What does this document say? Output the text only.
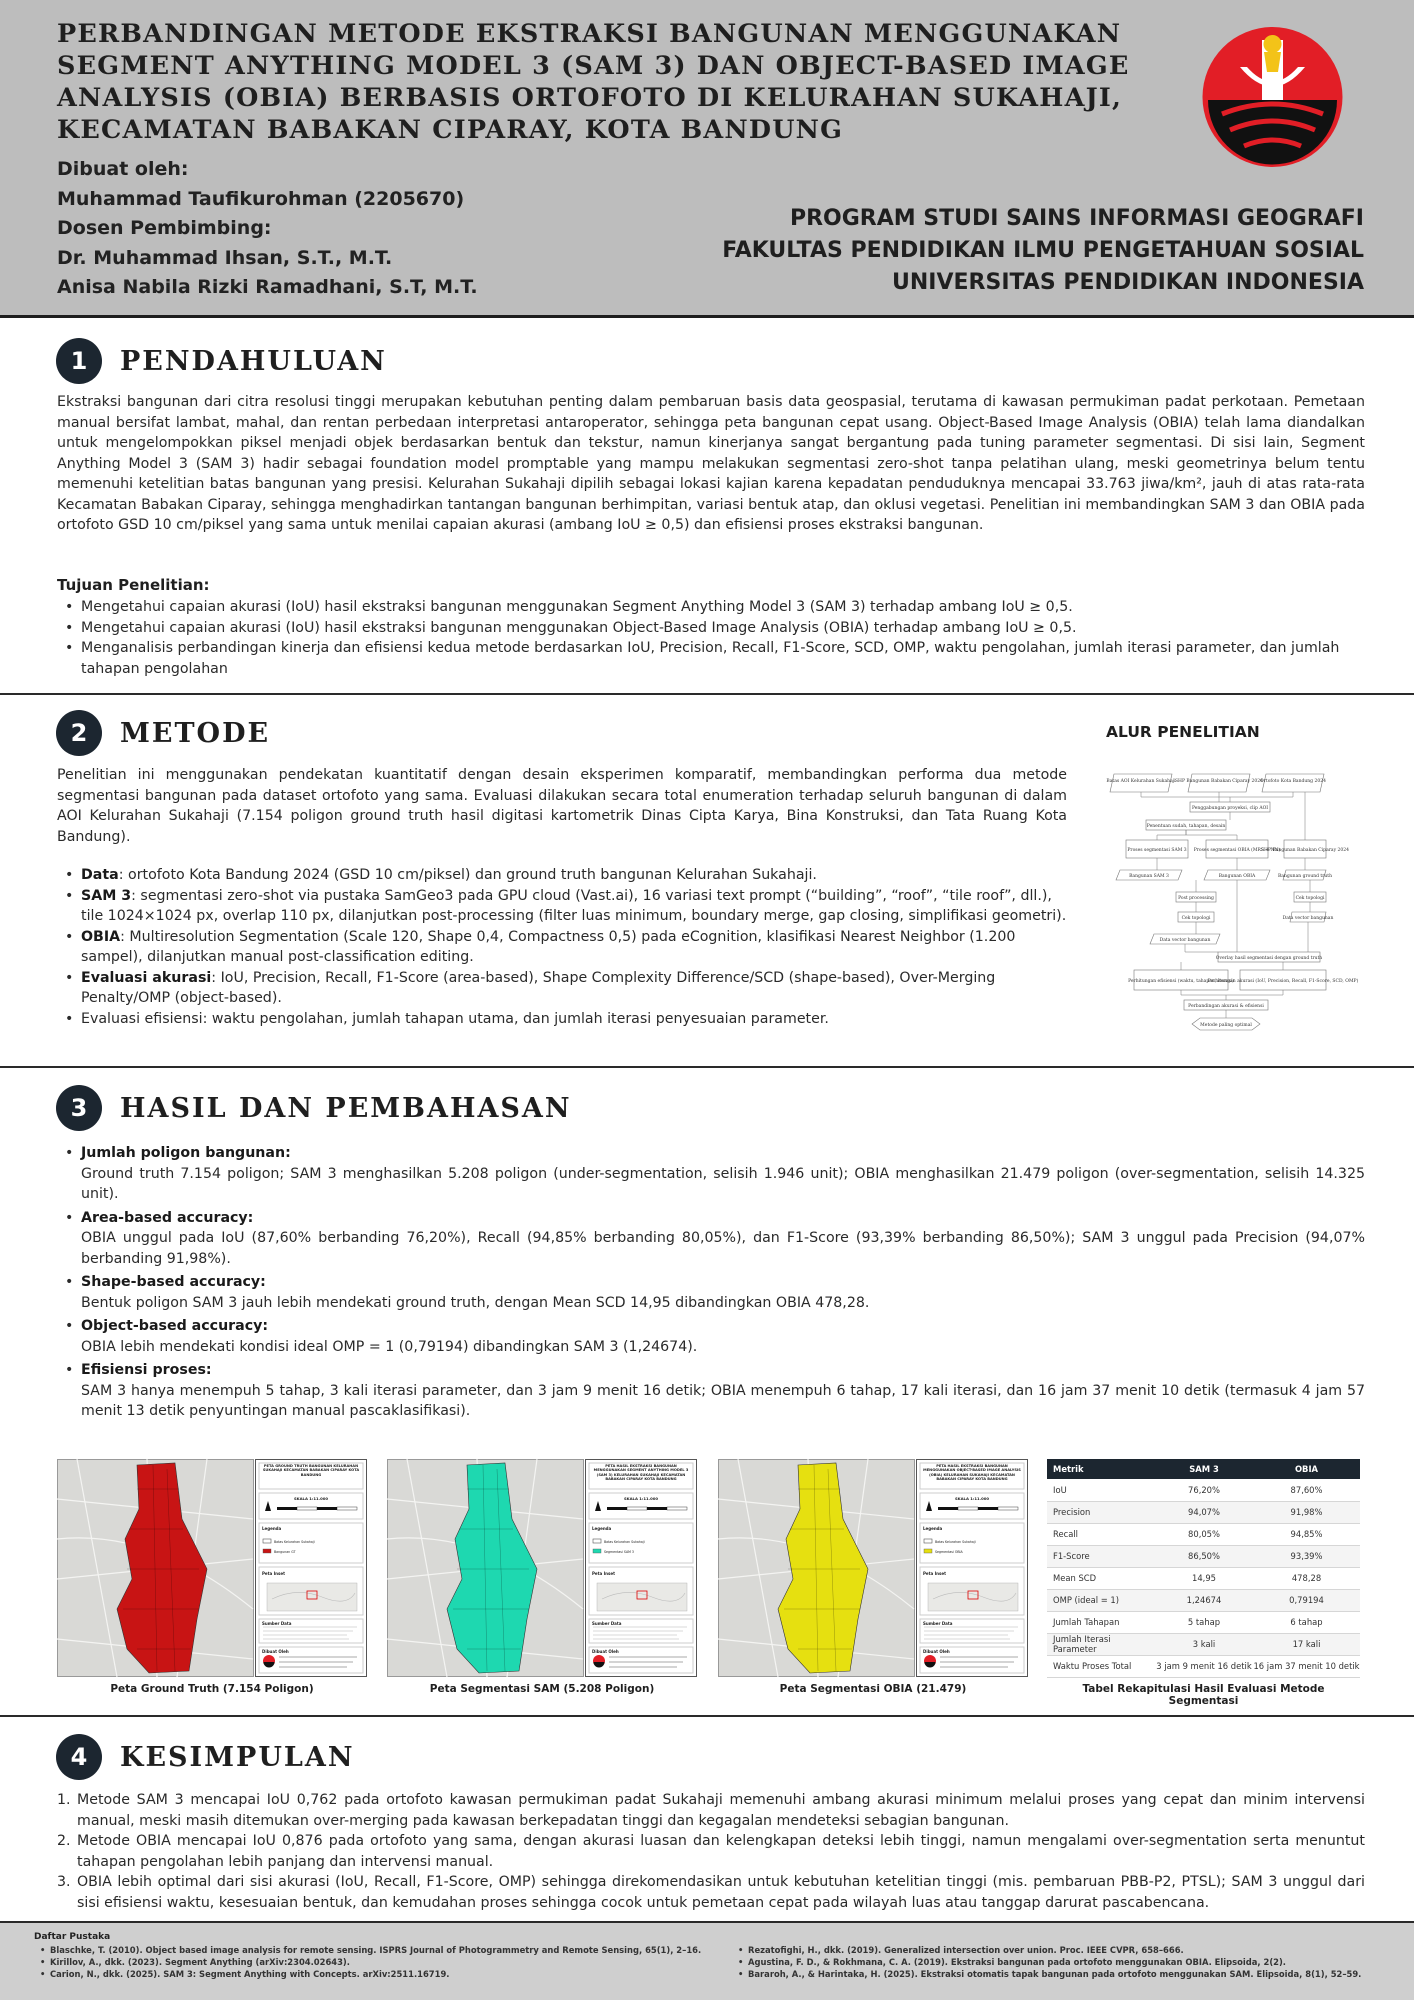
PERBANDINGAN METODE EKSTRAKSI BANGUNAN MENGGUNAKAN
SEGMENT ANYTHING MODEL 3 (SAM 3) DAN OBJECT-BASED IMAGE
ANALYSIS (OBIA) BERBASIS ORTOFOTO DI KELURAHAN SUKAHAJI,
KECAMATAN BABAKAN CIPARAY, KOTA BANDUNG
Dibuat oleh:
Muhammad Taufikurohman (2205670)
Dosen Pembimbing:
Dr. Muhammad Ihsan, S.T., M.T.
Anisa Nabila Rizki Ramadhani, S.T, M.T.
PROGRAM STUDI SAINS INFORMASI GEOGRAFI
FAKULTAS PENDIDIKAN ILMU PENGETAHUAN SOSIAL
UNIVERSITAS PENDIDIKAN INDONESIA
1	PENDAHULUAN
Ekstraksi bangunan dari citra resolusi tinggi merupakan kebutuhan penting dalam pembaruan basis data geospasial, terutama di kawasan permukiman padat perkotaan. Pemetaan manual bersifat lambat, mahal, dan rentan perbedaan interpretasi antaroperator, sehingga peta bangunan cepat usang. Object-Based Image Analysis (OBIA) telah lama diandalkan untuk mengelompokkan piksel menjadi objek berdasarkan bentuk dan tekstur, namun kinerjanya sangat bergantung pada tuning parameter segmentasi. Di sisi lain, Segment Anything Model 3 (SAM 3) hadir sebagai foundation model promptable yang mampu melakukan segmentasi zero-shot tanpa pelatihan ulang, meski geometrinya belum tentu memenuhi ketelitian batas bangunan yang presisi. Kelurahan Sukahaji dipilih sebagai lokasi kajian karena kepadatan penduduknya mencapai 33.763 jiwa/km², jauh di atas rata-rata Kecamatan Babakan Ciparay, sehingga menghadirkan tantangan bangunan berhimpitan, variasi bentuk atap, dan oklusi vegetasi. Penelitian ini membandingkan SAM 3 dan OBIA pada ortofoto GSD 10 cm/piksel yang sama untuk menilai capaian akurasi (ambang IoU ≥ 0,5) dan efisiensi proses ekstraksi bangunan.
Tujuan Penelitian:
• Mengetahui capaian akurasi (IoU) hasil ekstraksi bangunan menggunakan Segment Anything Model 3 (SAM 3) terhadap ambang IoU ≥ 0,5.
• Mengetahui capaian akurasi (IoU) hasil ekstraksi bangunan menggunakan Object-Based Image Analysis (OBIA) terhadap ambang IoU ≥ 0,5.
• Menganalisis perbandingan kinerja dan efisiensi kedua metode berdasarkan IoU, Precision, Recall, F1-Score, SCD, OMP, waktu pengolahan, jumlah iterasi parameter, dan jumlah tahapan pengolahan
2	METODE
Penelitian ini menggunakan pendekatan kuantitatif dengan desain eksperimen komparatif, membandingkan performa dua metode segmentasi bangunan pada dataset ortofoto yang sama. Evaluasi dilakukan secara total enumeration terhadap seluruh bangunan di dalam AOI Kelurahan Sukahaji (7.154 poligon ground truth hasil digitasi kartometrik Dinas Cipta Karya, Bina Konstruksi, dan Tata Ruang Kota Bandung).
• Data: ortofoto Kota Bandung 2024 (GSD 10 cm/piksel) dan ground truth bangunan Kelurahan Sukahaji.
• SAM 3: segmentasi zero-shot via pustaka SamGeo3 pada GPU cloud (Vast.ai), 16 variasi text prompt (“building”, “roof”, “tile roof”, dll.), tile 1024×1024 px, overlap 110 px, dilanjutkan post-processing (filter luas minimum, boundary merge, gap closing, simplifikasi geometri).
• OBIA: Multiresolution Segmentation (Scale 120, Shape 0,4, Compactness 0,5) pada eCognition, klasifikasi Nearest Neighbor (1.200 sampel), dilanjutkan manual post-classification editing.
• Evaluasi akurasi: IoU, Precision, Recall, F1-Score (area-based), Shape Complexity Difference/SCD (shape-based), Over-Merging Penalty/OMP (object-based).
• Evaluasi efisiensi: waktu pengolahan, jumlah tahapan utama, dan jumlah iterasi penyesuaian parameter.
ALUR PENELITIAN
Batas AOI Kelurahan Sukahaji SHP Bangunan Babakan Ciparay 2024
Ortofoto Kota Bandung 2024
Penggabungan proyeksi, clip AOI
Penentuan sudah, tahapan, desain
Proses segmentasi SAM 3 Proses segmentasi OBIA (MRS + NN)
SHP Bangunan Babakan Ciparay 2024
Bangunan SAM 3	Bangunan OBIA	Bangunan ground truth
Post processing	Cek topologi
Cek topologi	Data vector bangunan
Data vector bangunan
Overlay hasil segmentasi dengan ground truth
Perhitungan efisiensi (waktu, tahapan, iterasi)
Perhitungan akurasi (IoU, Precision, Recall, F1-Score, SCD, OMP)
Perbandingan akurasi & efisiensi
Metode paling optimal
3	HASIL DAN PEMBAHASAN
• Jumlah poligon bangunan:
Ground truth 7.154 poligon; SAM 3 menghasilkan 5.208 poligon (under-segmentation, selisih 1.946 unit); OBIA menghasilkan 21.479 poligon (over-segmentation, selisih 14.325 unit).
• Area-based accuracy:
OBIA unggul pada IoU (87,60% berbanding 76,20%), Recall (94,85% berbanding 80,05%), dan F1-Score (93,39% berbanding 86,50%); SAM 3 unggul pada Precision (94,07% berbanding 91,98%).
• Shape-based accuracy:
Bentuk poligon SAM 3 jauh lebih mendekati ground truth, dengan Mean SCD 14,95 dibandingkan OBIA 478,28.
• Object-based accuracy:
OBIA lebih mendekati kondisi ideal OMP = 1 (0,79194) dibandingkan SAM 3 (1,24674).
• Efisiensi proses:
SAM 3 hanya menempuh 5 tahap, 3 kali iterasi parameter, dan 3 jam 9 menit 16 detik; OBIA menempuh 6 tahap, 17 kali iterasi, dan 16 jam 37 menit 10 detik (termasuk 4 jam 57 menit 13 detik penyuntingan manual pascaklasifikasi).
PETA GROUND TRUTH BANGUNAN KELURAHAN SUKAHAJI KECAMATAN BABAKAN CIPARAY KOTA BANDUNG
SKALA 1:11.000
Legenda
Batas Kelurahan Sukahaji
Bangunan GT
Peta Inset
Sumber Data
Dibuat Oleh
Peta Ground Truth (7.154 Poligon)
PETA HASIL EKSTRAKSI BANGUNAN MENGGUNAKAN SEGMENT ANYTHING MODEL 3 (SAM 3) KELURAHAN SUKAHAJI KECAMATAN BABAKAN CIPARAY KOTA BANDUNG
SKALA 1:11.000
Legenda
Batas Kelurahan Sukahaji
Segmentasi SAM 3
Peta Inset
Sumber Data
Dibuat Oleh
Peta Segmentasi SAM (5.208 Poligon)
PETA HASIL EKSTRAKSI BANGUNAN MENGGUNAKAN OBJECT-BASED IMAGE ANALYSIS (OBIA) KELURAHAN SUKAHAJI KECAMATAN BABAKAN CIPARAY KOTA BANDUNG
SKALA 1:11.000
Legenda
Batas Kelurahan Sukahaji
Segmentasi OBIA
Peta Inset
Sumber Data
Dibuat Oleh
Peta Segmentasi OBIA (21.479)
Metrik	SAM 3	OBIA
IoU	76,20%	87,60%
Precision	94,07%	91,98%
Recall	80,05%	94,85%
F1-Score	86,50%	93,39%
Mean SCD	14,95	478,28
OMP (ideal = 1)	1,24674	0,79194
Jumlah Tahapan	5 tahap	6 tahap
Jumlah Iterasi Parameter	3 kali	17 kali
Waktu Proses Total	3 jam 9 menit 16 detik	16 jam 37 menit 10 detik
Tabel Rekapitulasi Hasil Evaluasi Metode Segmentasi
4	KESIMPULAN
1. Metode SAM 3 mencapai IoU 0,762 pada ortofoto kawasan permukiman padat Sukahaji memenuhi ambang akurasi minimum melalui proses yang cepat dan minim intervensi manual, meski masih ditemukan over-merging pada kawasan berkepadatan tinggi dan kegagalan mendeteksi sebagian bangunan.
2. Metode OBIA mencapai IoU 0,876 pada ortofoto yang sama, dengan akurasi luasan dan kelengkapan deteksi lebih tinggi, namun mengalami over-segmentation serta menuntut tahapan pengolahan lebih panjang dan intervensi manual.
3. OBIA lebih optimal dari sisi akurasi (IoU, Recall, F1-Score, OMP) sehingga direkomendasikan untuk kebutuhan ketelitian tinggi (mis. pembaruan PBB-P2, PTSL); SAM 3 unggul dari sisi efisiensi waktu, kesesuaian bentuk, dan kemudahan proses sehingga cocok untuk pemetaan cepat pada wilayah luas atau tanggap darurat pascabencana.
Daftar Pustaka
• Blaschke, T. (2010). Object based image analysis for remote sensing. ISPRS Journal of Photogrammetry and Remote Sensing, 65(1), 2–16.
• Kirillov, A., dkk. (2023). Segment Anything (arXiv:2304.02643).
• Carion, N., dkk. (2025). SAM 3: Segment Anything with Concepts. arXiv:2511.16719.
• Rezatofighi, H., dkk. (2019). Generalized intersection over union. Proc. IEEE CVPR, 658–666.
• Agustina, F. D., & Rokhmana, C. A. (2019). Ekstraksi bangunan pada ortofoto menggunakan OBIA. Elipsoida, 2(2).
• Bararoh, A., & Harintaka, H. (2025). Ekstraksi otomatis tapak bangunan pada ortofoto menggunakan SAM. Elipsoida, 8(1), 52–59.
